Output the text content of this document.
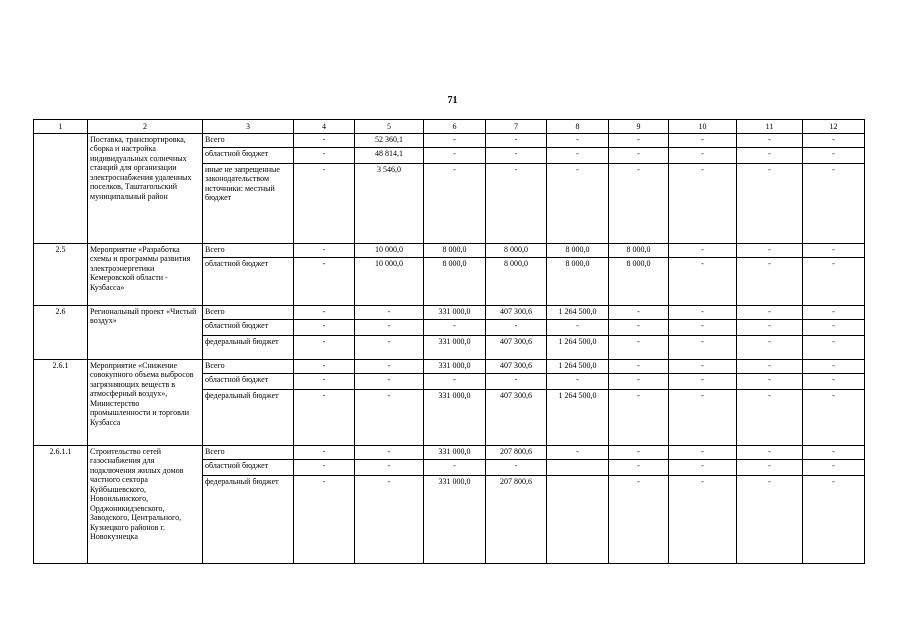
71
1	2	3	4	5	6	7	8	9	10	11	12
	Поставка, транспортировка, сборка и настройка индивидуальных солнечных станций для организации электроснабжения удаленных поселков, Таштагольский муниципальный район	Всего	-	52 360,1	-	-	-	-	-	-	-
		областной бюджет	-	48 814,1	-	-	-	-	-	-	-
		иные не запрещенные законодательством источники: местный бюджет	-	3 546,0	-	-	-	-	-	-	-
2.5	Мероприятие «Разработка схемы и программы развития электроэнергетики Кемеровской области - Кузбасса»	Всего	-	10 000,0	8 000,0	8 000,0	8 000,0	8 000,0	-	-	-
		областной бюджет	-	10 000,0	8 000,0	8 000,0	8 000,0	8 000,0	-	-	-
2.6	Региональный проект «Чистый воздух»	Всего	-	-	331 000,0	407 300,6	1 264 500,0	-	-	-	-
		областной бюджет	-	-	-	-	-	-	-	-	-
		федеральный бюджет	-	-	331 000,0	407 300,6	1 264 500,0	-	-	-	-
2.6.1	Мероприятие «Снижение совокупного объема выбросов загрязняющих веществ в атмосферный воздух», Министерство промышленности и торговли Кузбасса	Всего	-	-	331 000,0	407 300,6	1 264 500,0	-	-	-	-
		областной бюджет	-	-	-	-	-	-	-	-	-
		федеральный бюджет	-	-	331 000,0	407 300,6	1 264 500,0	-	-	-	-
2.6.1.1	Строительство сетей газоснабжения для подключения жилых домов частного сектора Куйбышевского, Новоильинского, Орджоникидзевского, Заводского, Центрального, Кузнецкого районов г. Новокузнецка	Всего	-	-	331 000,0	207 800,6	-	-	-	-	-
		областной бюджет	-	-	-	-		-	-	-	-
		федеральный бюджет	-	-	331 000,0	207 800,6		-	-	-	-
